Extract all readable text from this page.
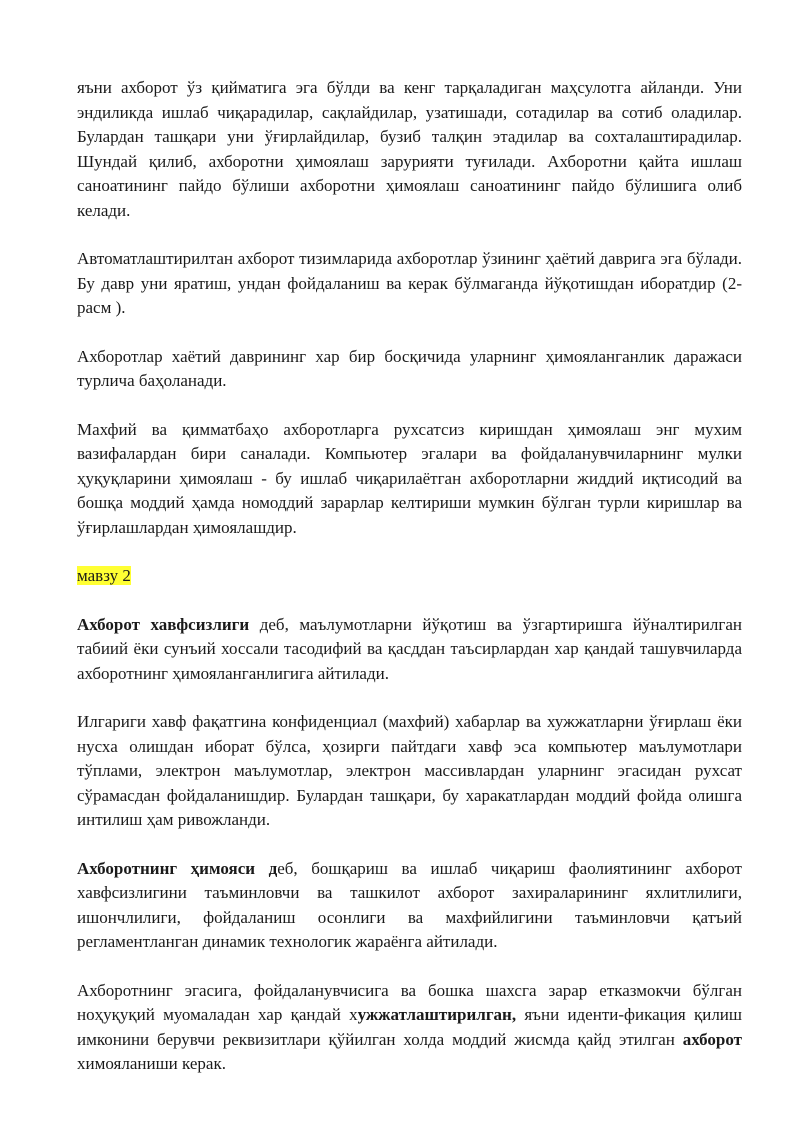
яъни ахборот ўз қийматига эга бўлди ва кенг тарқаладиган маҳсулотга айланди. Уни эндиликда ишлаб чиқарадилар, сақлайдилар, узатишади, сотадилар ва сотиб оладилар. Булардан ташқари уни ўғирлайдилар, бузиб талқин этадилар ва сохталаштирадилар. Шундай қилиб, ахборотни ҳимоялаш зарурияти туғилади. Ахборотни қайта ишлаш саноатининг пайдо бўлиши ахборотни ҳимоялаш саноатининг пайдо бўлишига олиб келади.

Автоматлаштирилтан ахборот тизимларида ахборотлар ўзининг ҳаётий даврига эга бўлади. Бу давр уни яратиш, ундан фойдаланиш ва керак бўлмаганда йўқотишдан иборатдир (2-расм ).

Ахборотлар хаётий даврининг хар бир босқичида уларнинг ҳимояланганлик даражаси турлича баҳоланади.

Махфий ва қимматбаҳо ахборотларга рухсатсиз киришдан ҳимоялаш энг мухим вазифалардан бири саналади. Компьютер эгалари ва фойдаланувчиларнинг мулки ҳуқуқларини ҳимоялаш - бу ишлаб чиқарилаётган ахборотларни жиддий иқтисодий ва бошқа моддий ҳамда номоддий зарарлар келтириши мумкин бўлган турли киришлар ва ўғирлашлардан ҳимоялашдир.

мавзу 2

Ахборот хавфсизлиги деб, маълумотларни йўқотиш ва ўзгартиришга йўналтирилган табиий ёки сунъий хоссали тасодифий ва қасддан таъсирлардан хар қандай ташувчиларда ахборотнинг ҳимояланганлигига айтилади.

Илгариги хавф фақатгина конфиденциал (махфий) хабарлар ва хужжатларни ўғирлаш ёки нусха олишдан иборат бўлса, ҳозирги пайтдаги хавф эса компьютер маълумотлари тўплами, электрон маълумотлар, электрон массивлардан уларнинг эгасидан рухсат сўрамасдан фойдаланишдир. Булардан ташқари, бу харакатлардан моддий фойда олишга интилиш ҳам ривожланди.

Ахборотнинг ҳимояси деб, бошқариш ва ишлаб чиқариш фаолиятининг ахборот хавфсизлигини таъминловчи ва ташкилот ахборот захираларининг яхлитлилиги, ишончлилиги, фойдаланиш осонлиги ва махфийлигини таъминловчи қатъий регламентланган динамик технологик жараёнга айтилади.

Ахборотнинг эгасига, фойдаланувчисига ва бошка шахсга зарар етказмокчи бўлган ноҳуқуқий муомаладан хар қандай хужжатлаштирилган, яъни иденти-фикация қилиш имконини берувчи реквизитлари қўйилган холда моддий жисмда қайд этилган ахборот химояланиши керак.
